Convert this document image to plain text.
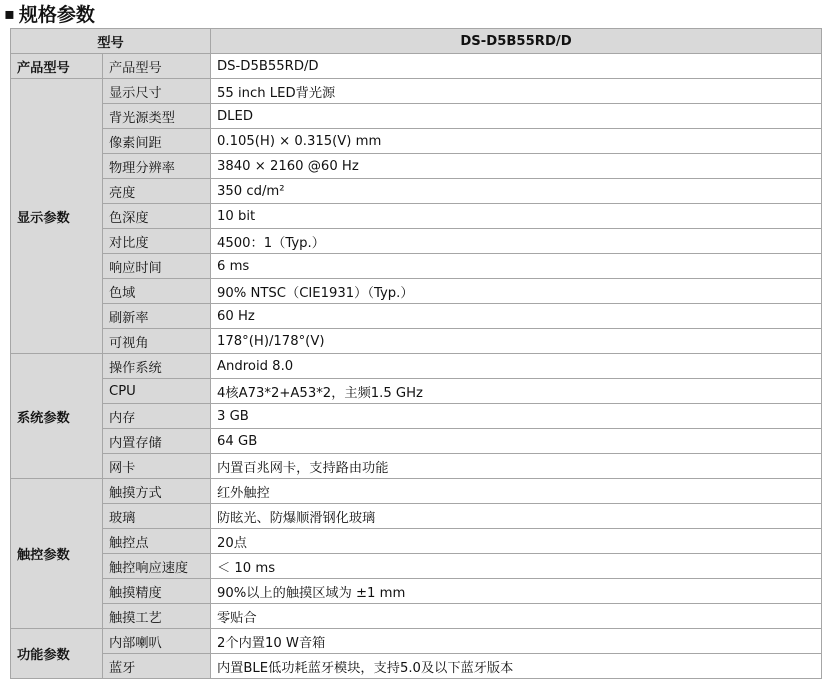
▪ 规格参数
型号		DS-D5B55RD/D
产品型号	产品型号	DS-D5B55RD/D
显示参数	显示尺寸	55 inch LED背光源
	背光源类型	DLED
	像素间距	0.105(H) × 0.315(V) mm
	物理分辨率	3840 × 2160 @60 Hz
	亮度	350 cd/m²
	色深度	10 bit
	对比度	4500：1（Typ.）
	响应时间	6 ms
	色域	90% NTSC（CIE1931）（Typ.）
	刷新率	60 Hz
	可视角	178°(H)/178°(V)
系统参数	操作系统	Android 8.0
	CPU	4核A73*2+A53*2，主频1.5 GHz
	内存	3 GB
	内置存储	64 GB
	网卡	内置百兆网卡，支持路由功能
触控参数	触摸方式	红外触控
	玻璃	防眩光、防爆顺滑钢化玻璃
	触控点	20点
	触控响应速度	＜ 10 ms
	触摸精度	90%以上的触摸区域为 ±1 mm
	触摸工艺	零贴合
功能参数	内部喇叭	2个内置10 W音箱
	蓝牙	内置BLE低功耗蓝牙模块，支持5.0及以下蓝牙版本
